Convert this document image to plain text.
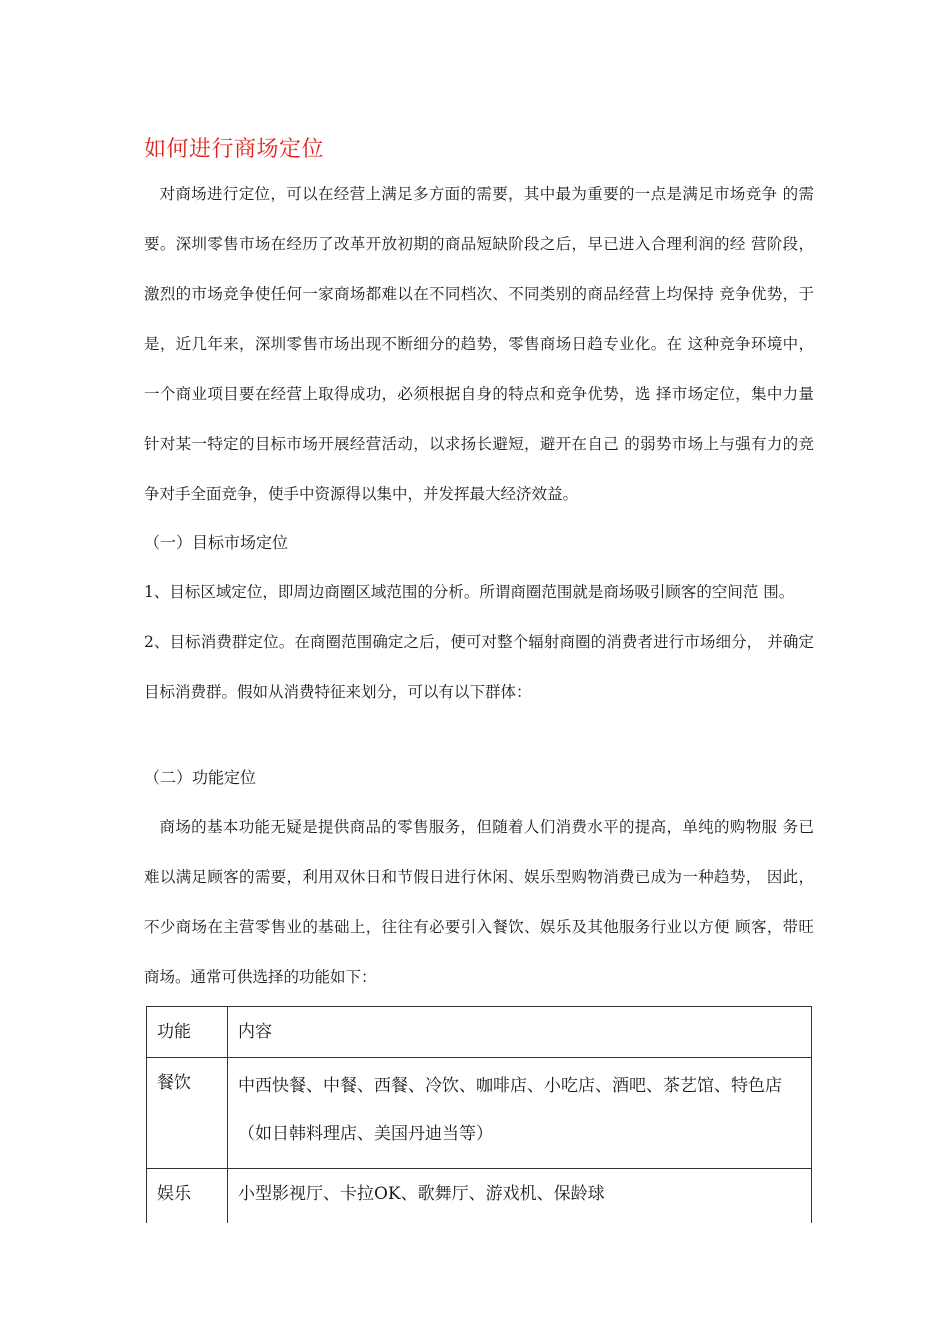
如何进行商场定位
对商场进行定位，可以在经营上满足多方面的需要，其中最为重要的一点是满足市场竞争 的需要。深圳零售市场在经历了改革开放初期的商品短缺阶段之后，早已进入合理利润的经 营阶段，激烈的市场竞争使任何一家商场都难以在不同档次、不同类别的商品经营上均保持 竞争优势，于是，近几年来，深圳零售市场出现不断细分的趋势，零售商场日趋专业化。在 这种竞争环境中，一个商业项目要在经营上取得成功，必须根据自身的特点和竞争优势，选 择市场定位，集中力量针对某一特定的目标市场开展经营活动，以求扬长避短，避开在自己 的弱势市场上与强有力的竞争对手全面竞争，使手中资源得以集中，并发挥最大经济效益。
（一）目标市场定位
1、目标区域定位，即周边商圈区域范围的分析。所谓商圈范围就是商场吸引顾客的空间范 围。
2、目标消费群定位。在商圈范围确定之后，便可对整个辐射商圈的消费者进行市场细分， 并确定目标消费群。假如从消费特征来划分，可以有以下群体：
（二）功能定位
商场的基本功能无疑是提供商品的零售服务，但随着人们消费水平的提高，单纯的购物服 务已难以满足顾客的需要，利用双休日和节假日进行休闲、娱乐型购物消费已成为一种趋势， 因此，不少商场在主营零售业的基础上，往往有必要引入餐饮、娱乐及其他服务行业以方便 顾客，带旺商场。通常可供选择的功能如下：
功能	内容
餐饮	中西快餐、中餐、西餐、冷饮、咖啡店、小吃店、酒吧、茶艺馆、特色店（如日韩料理店、美国丹迪当等）
娱乐	小型影视厅、卡拉OK、歌舞厅、游戏机、保龄球
